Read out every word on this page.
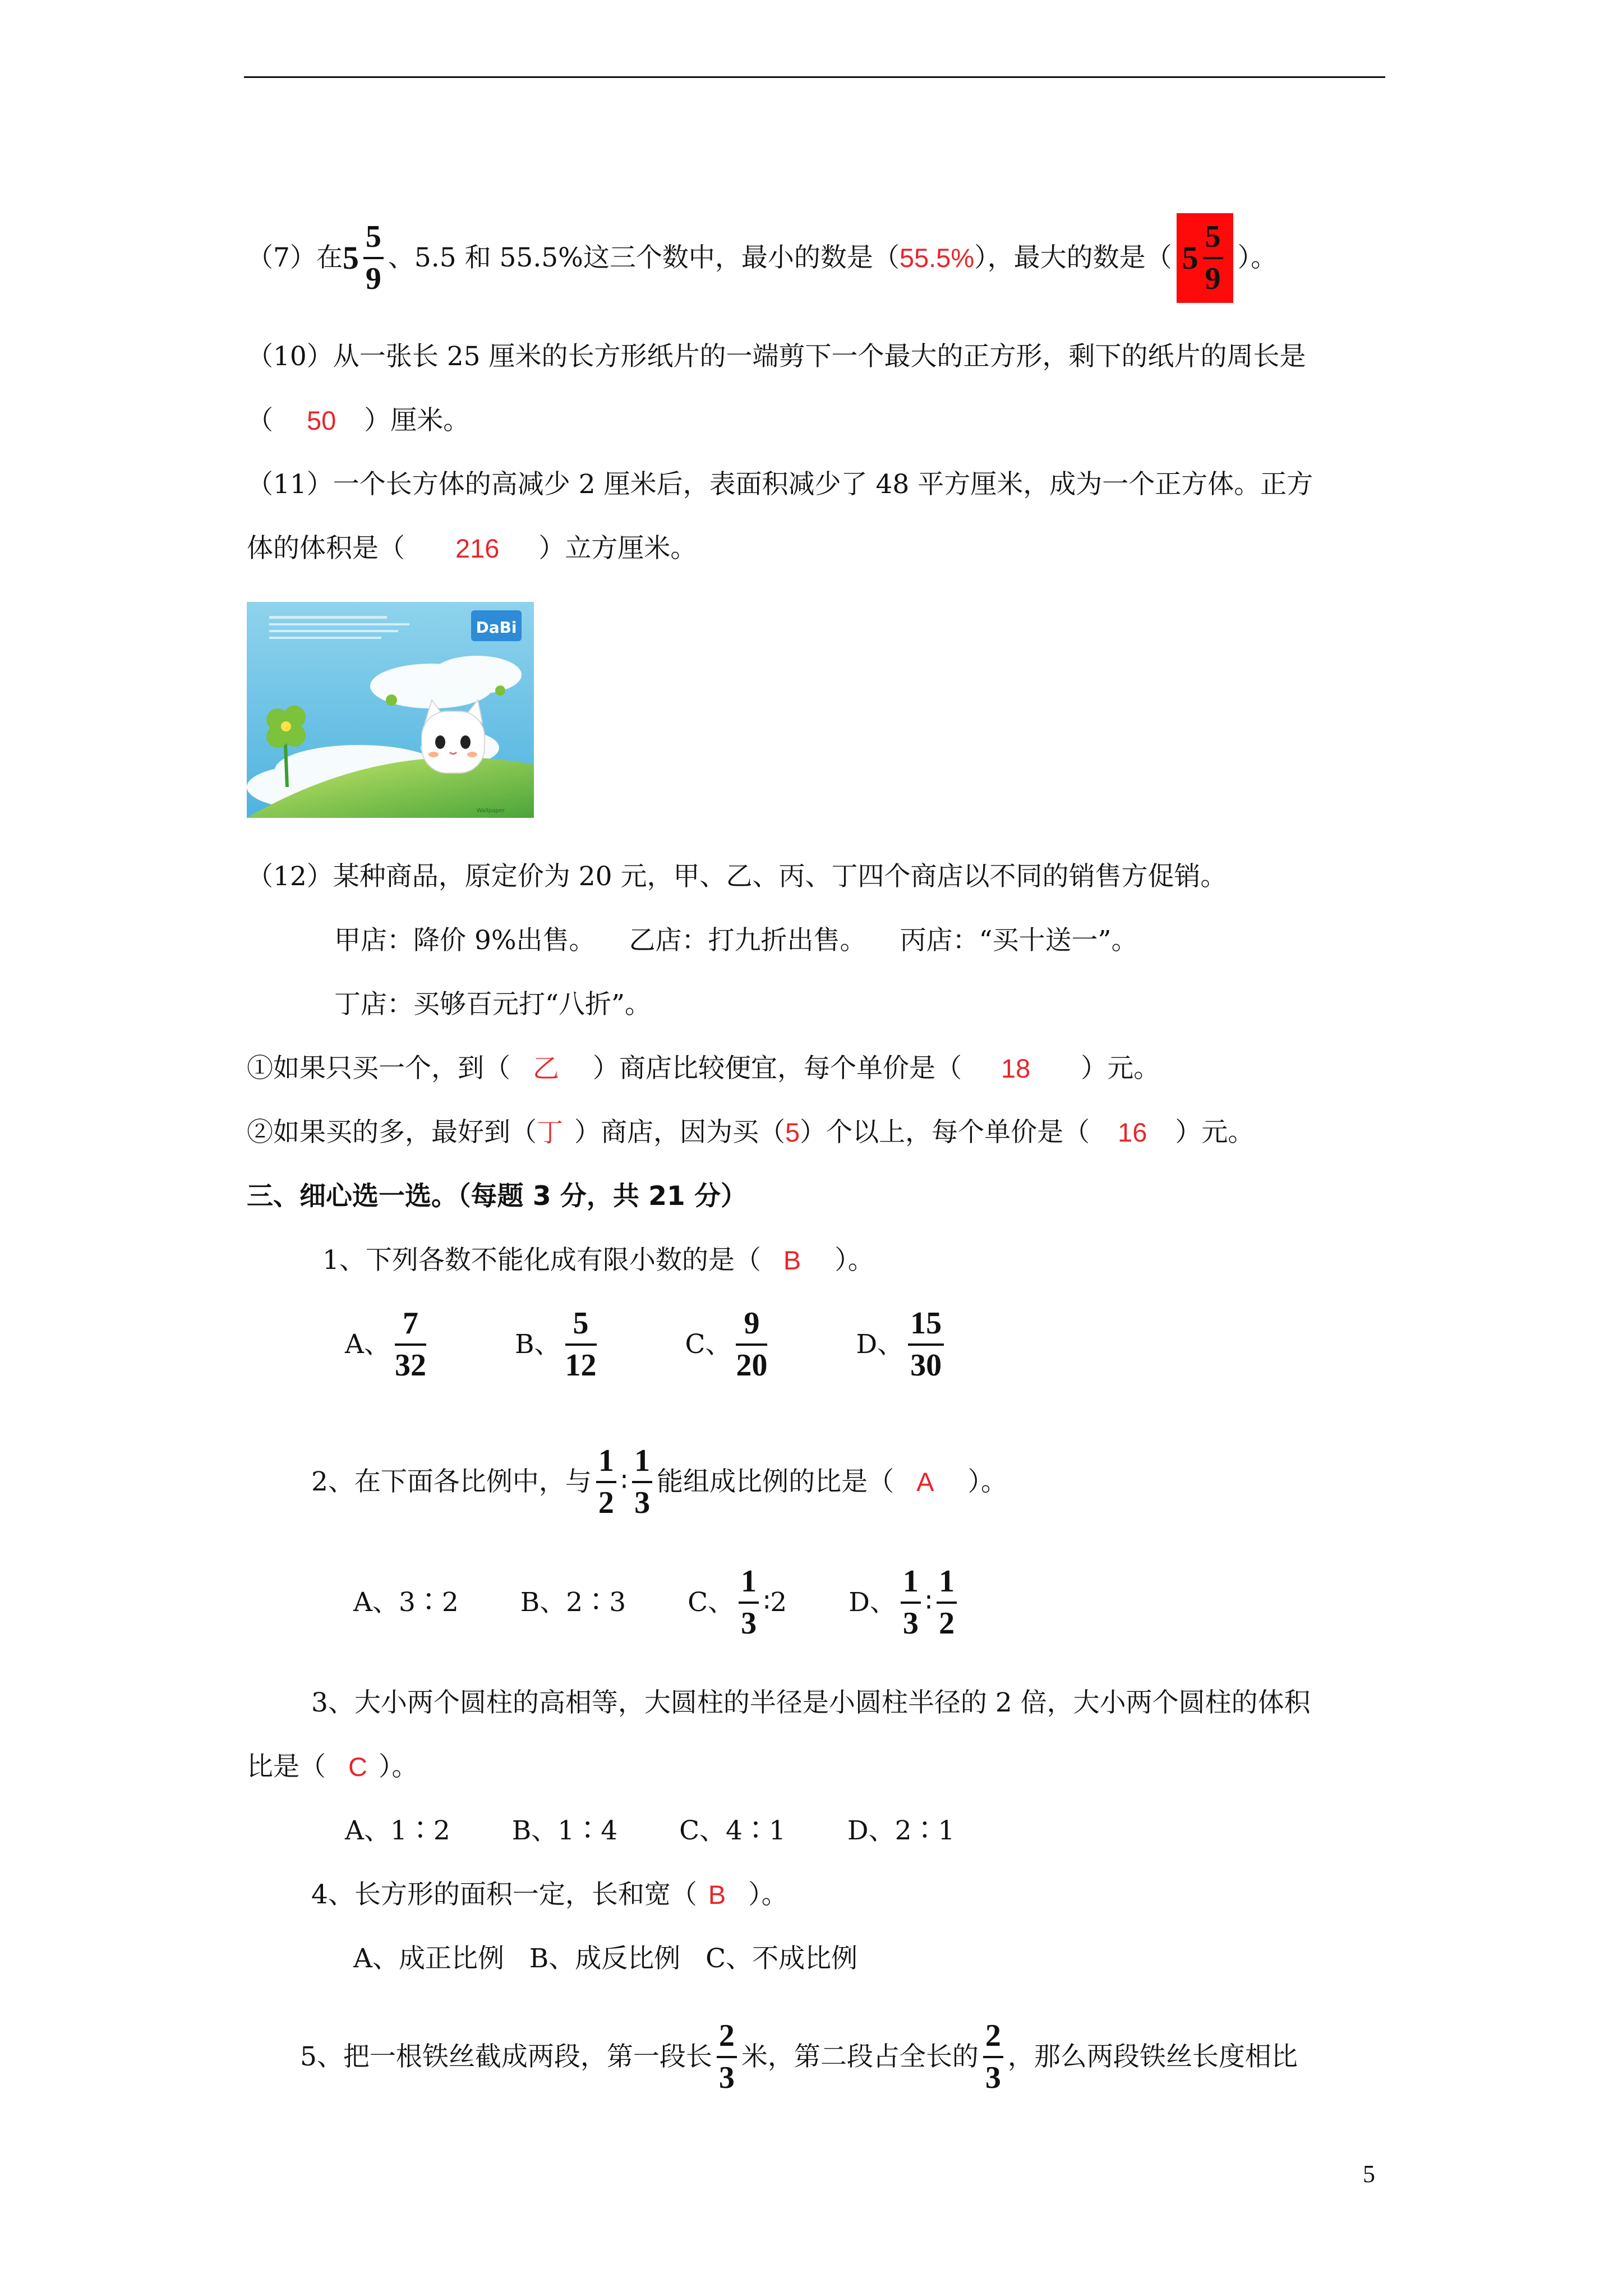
（7）在 $5 \frac{5}{9}$ 、5.5 和 55.5%这三个数中，最小的数是（ 55.5% ），最大的数是（ $5 \frac{5}{9}$ ）。
（10）从一张长 25 厘米的长方形纸片的一端剪下一个最大的正方形，剩下的纸片的周长是
（ 50 ）厘米。
（11）一个长方体的高减少 2 厘米后，表面积减少了 48 平方厘米，成为一个正方体。正方
体的体积是（ 216 ）立方厘米。
DaBi
Wallpaper
（12）某种商品，原定价为 20 元，甲、乙、丙、丁四个商店以不同的销售方促销。
甲店：降价 9%出售。 乙店：打九折出售。 丙店：“买十送一”。
丁店：买够百元打“八折”。
①如果只买一个，到（ 乙 ）商店比较便宜，每个单价是（ 18 ）元。
②如果买的多，最好到（ 丁 ）商店，因为买（ 5 ）个以上，每个单价是（ 16 ）元。
三、细心选一选。（每题 3 分，共 21 分）
1、下列各数不能化成有限小数的是（ B ）。
A、 $\frac{7}{32}$	B、 $\frac{5}{12}$	C、 $\frac{9}{20}$	D、 $\frac{15}{30}$
2、在下面各比例中，与 $\frac{1}{2}$ ∶ $\frac{1}{3}$ 能组成比例的比是（ A ）。
A、3∶2 B、2∶3 C、 $\frac{1}{3}$ ∶2 D、 $\frac{1}{3}$ ∶ $\frac{1}{2}$
3、大小两个圆柱的高相等，大圆柱的半径是小圆柱半径的 2 倍，大小两个圆柱的体积
比是（ C ）。
A、1∶2 B、1∶4 C、4∶1 D、2∶1
4、长方形的面积一定，长和宽（ B ）。
A、成正比例   B、成反比例   C、不成比例
5、把一根铁丝截成两段，第一段长 $\frac{2}{3}$ 米，第二段占全长的 $\frac{2}{3}$ ，那么两段铁丝长度相比
5
